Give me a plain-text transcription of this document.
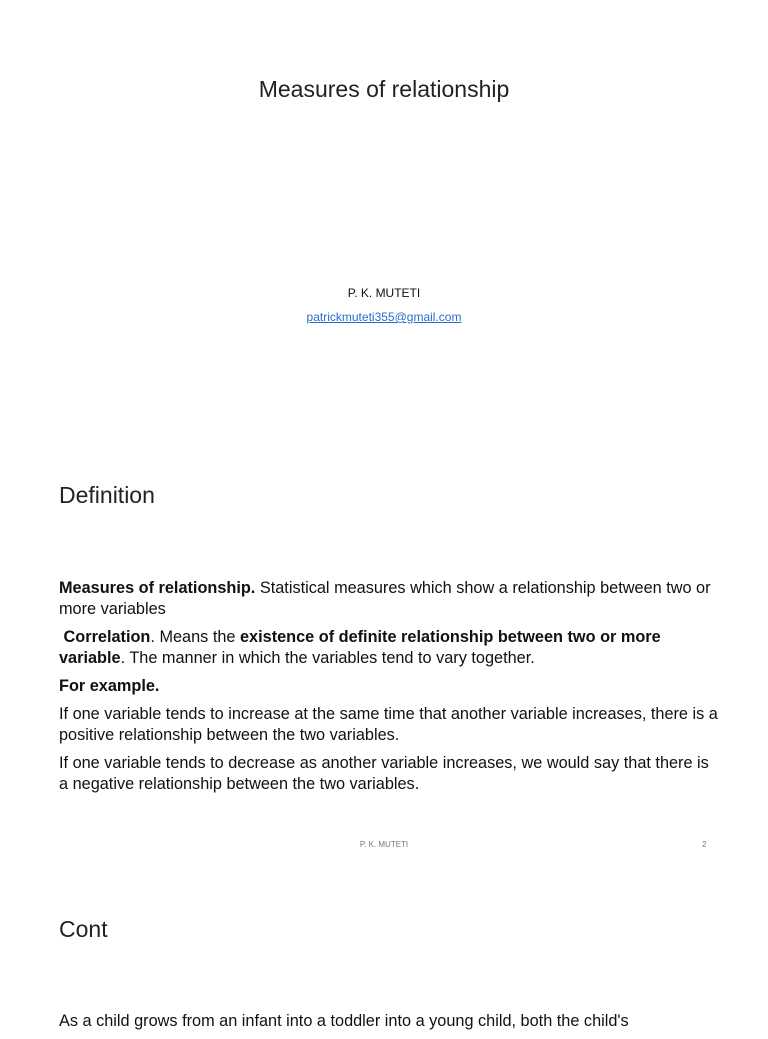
Measures of relationship
P. K. MUTETI
patrickmuteti355@gmail.com
Definition

Measures of relationship. Statistical measures which show a relationship between two or more variables

Correlation. Means the existence of definite relationship between two or more variable. The manner in which the variables tend to vary together.

For example.

If one variable tends to increase at the same time that another variable increases, there is a positive relationship between the two variables.

If one variable tends to decrease as another variable increases, we would say that there is a negative relationship between the two variables.

P. K. MUTETI	2
Cont

As a child grows from an infant into a toddler into a young child, both the child's
